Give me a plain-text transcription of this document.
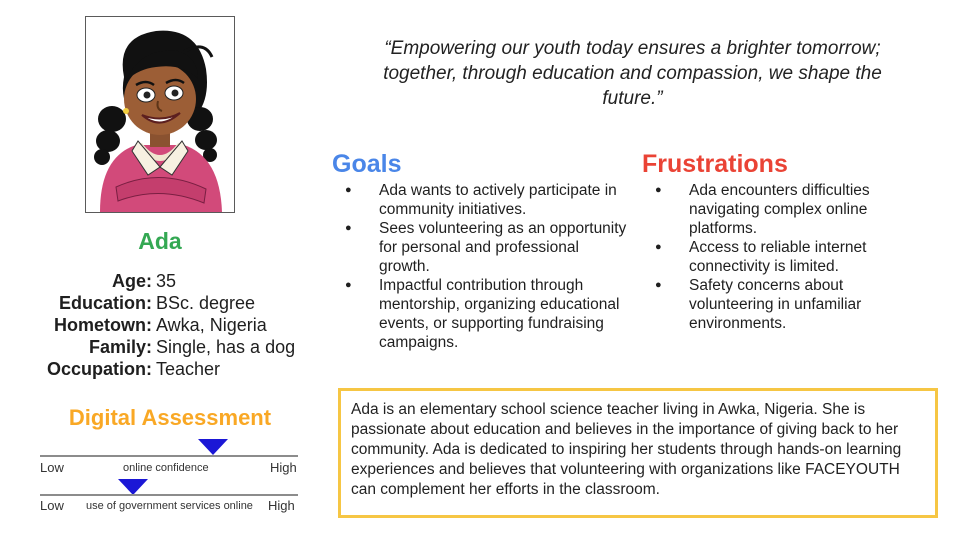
Ada
Age: 35
Education: BSc. degree
Hometown: Awka, Nigeria
Family: Single, has a dog
Occupation: Teacher
Digital Assessment
Low	online confidence	High
Low use of government services online High
“Empowering our youth today ensures a brighter tomorrow; together, through education and compassion, we shape the future.”
Goals
● Ada wants to actively participate in community initiatives.
● Sees volunteering as an opportunity for personal and professional growth.
● Impactful contribution through mentorship, organizing educational events, or supporting fundraising campaigns.
Frustrations
● Ada encounters difficulties navigating complex online platforms.
● Access to reliable internet connectivity is limited.
● Safety concerns about volunteering in unfamiliar environments.
Ada is an elementary school science teacher living in Awka, Nigeria. She is passionate about education and believes in the importance of giving back to her community. Ada is dedicated to inspiring her students through hands-on learning experiences and believes that volunteering with organizations like FACEYOUTH can complement her efforts in the classroom.
